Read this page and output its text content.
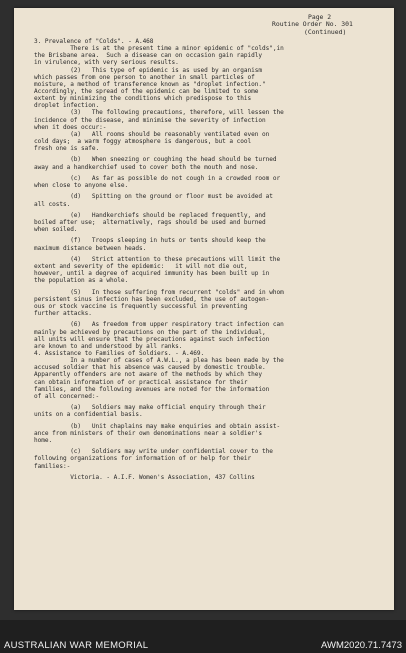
Page 2
Routine Order No. 301
(Continued)
3. Prevalence of "Colds". - A.468
There is at the present time a minor epidemic of "colds",in
the Brisbane area.  Such a disease can on occasion gain rapidly
in virulence, with very serious results.
(2)   This type of epidemic is as used by an organism
which passes from one person to another in small particles of
moisture, a method of transference known as "droplet infection."
Accordingly, the spread of the epidemic can be limited to some
extent by minimizing the conditions which predispose to this
droplet infection.
(3)   The following precautions, therefore, will lessen the
incidence of the disease, and minimise the severity of infection
when it does occur:-
(a)   All rooms should be reasonably ventilated even on
cold days;  a warm foggy atmosphere is dangerous, but a cool
fresh one is safe.
(b)   When sneezing or coughing the head should be turned
away and a handkerchief used to cover both the mouth and nose.
(c)   As far as possible do not cough in a crowded room or
when close to anyone else.
(d)   Spitting on the ground or floor must be avoided at
all costs.
(e)   Handkerchiefs should be replaced frequently, and
boiled after use;  alternatively, rags should be used and burned
when soiled.
(f)   Troops sleeping in huts or tents should keep the
maximum distance between heads.
(4)   Strict attention to these precautions will limit the
extent and severity of the epidemic:   it will not die out,
however, until a degree of acquired immunity has been built up in
the population as a whole.
(5)   In those suffering from recurrent "colds" and in whom
persistent sinus infection has been excluded, the use of autogen-
ous or stock vaccine is frequently successful in preventing
further attacks.
(6)   As freedom from upper respiratory tract infection can
mainly be achieved by precautions on the part of the individual,
all units will ensure that the precautions against such infection
are known to and understood by all ranks.
4. Assistance to Families of Soldiers. - A.469.
In a number of cases of A.W.L., a plea has been made by the
accused soldier that his absence was caused by domestic trouble.
Apparently offenders are not aware of the methods by which they
can obtain information of or practical assistance for their
families, and the following avenues are noted for the information
of all concerned:-
(a)   Soldiers may make official enquiry through their
units on a confidential basis.
(b)   Unit chaplains may make enquiries and obtain assist-
ance from ministers of their own denominations near a soldier's
home.
(c)   Soldiers may write under confidential cover to the
following organizations for information of or help for their
families:-
Victoria. - A.I.F. Women's Association, 437 Collins
AUSTRALIAN WAR MEMORIAL	AWM2020.71.7473
